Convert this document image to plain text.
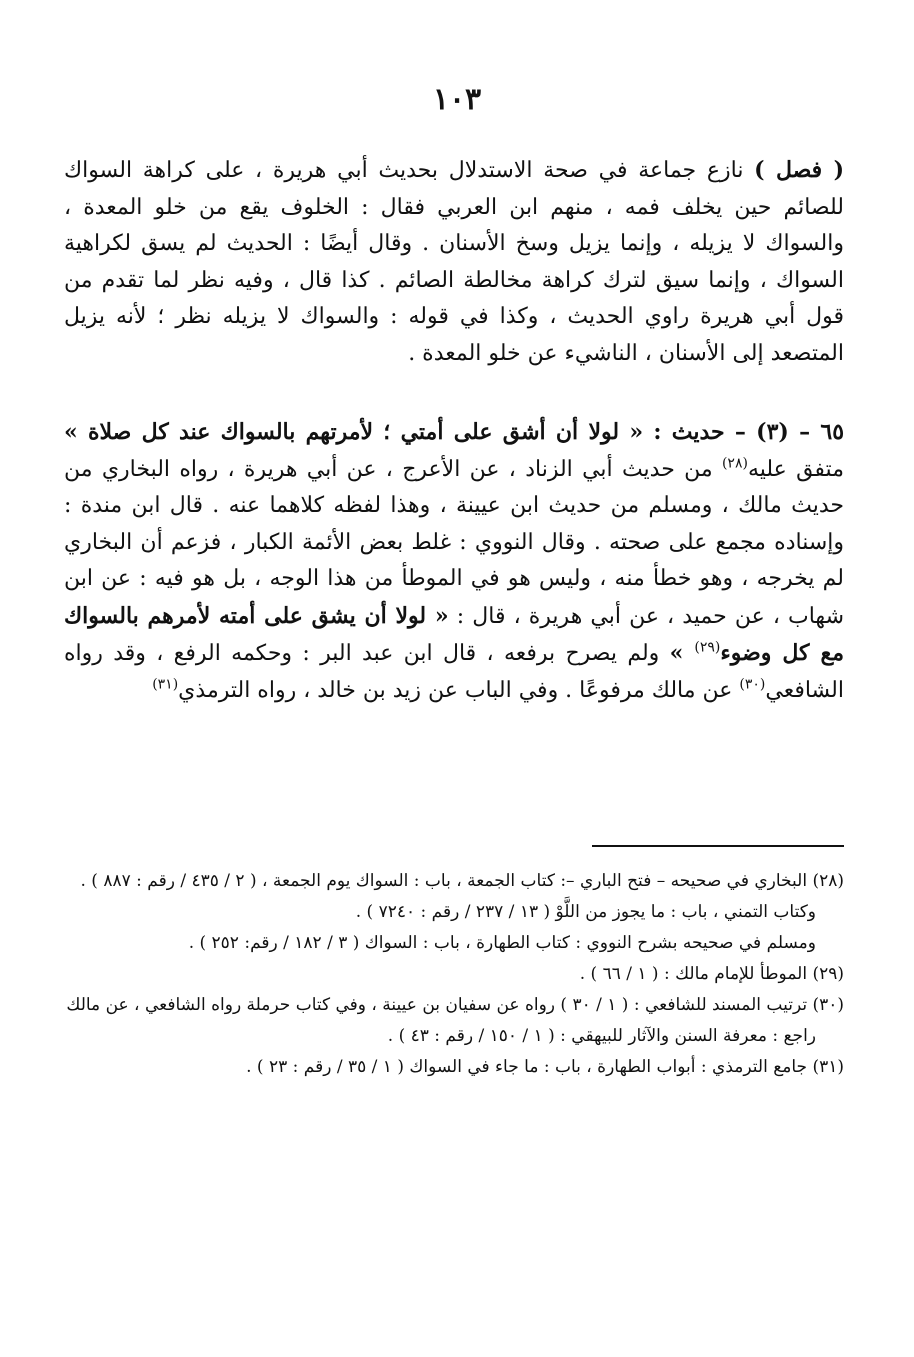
١٠٣

( فصل ) نازع جماعة في صحة الاستدلال بحديث أبي هريرة ، على كراهة السواك للصائم حين يخلف فمه ، منهم ابن العربي فقال : الخلوف يقع من خلو المعدة ، والسواك لا يزيله ، وإنما يزيل وسخ الأسنان . وقال أيضًا : الحديث لم يسق لكراهية السواك ، وإنما سيق لترك كراهة مخالطة الصائم . كذا قال ، وفيه نظر لما تقدم من قول أبي هريرة راوي الحديث ، وكذا في قوله : والسواك لا يزيله نظر ؛ لأنه يزيل المتصعد إلى الأسنان ، الناشيء عن خلو المعدة .

٦٥ – (٣) – حديث : « لولا أن أشق على أمتي ؛ لأمرتهم بالسواك عند كل صلاة » متفق عليه$^{(٢٨)}$ من حديث أبي الزناد ، عن الأعرج ، عن أبي هريرة ، رواه البخاري من حديث مالك ، ومسلم من حديث ابن عيينة ، وهذا لفظه كلاهما عنه . قال ابن مندة : وإسناده مجمع على صحته . وقال النووي : غلط بعض الأئمة الكبار ، فزعم أن البخاري لم يخرجه ، وهو خطأ منه ، وليس هو في الموطأ من هذا الوجه ، بل هو فيه : عن ابن شهاب ، عن حميد ، عن أبي هريرة ، قال : « لولا أن يشق على أمته لأمرهم بالسواك مع كل وضوء$^{(٢٩)}$ » ولم يصرح برفعه ، قال ابن عبد البر : وحكمه الرفع ، وقد رواه الشافعي$^{(٣٠)}$ عن مالك مرفوعًا . وفي الباب عن زيد بن خالد ، رواه الترمذي$^{(٣١)}$

(٢٨) البخاري في صحيحه – فتح الباري –: كتاب الجمعة ، باب : السواك يوم الجمعة ، ( ٢ / ٤٣٥ / رقم : ٨٨٧ ) .

وكتاب التمني ، باب : ما يجوز من اللَّوْ ( ١٣ / ٢٣٧ / رقم : ٧٢٤٠ ) .

ومسلم في صحيحه بشرح النووي : كتاب الطهارة ، باب : السواك ( ٣ / ١٨٢ / رقم: ٢٥٢ ) .

(٢٩) الموطأ للإمام مالك : ( ١ / ٦٦ ) .

(٣٠) ترتيب المسند للشافعي : ( ١ / ٣٠ ) رواه عن سفيان بن عيينة ، وفي كتاب حرملة رواه الشافعي ، عن مالك

راجع : معرفة السنن والآثار للبيهقي : ( ١ / ١٥٠ / رقم : ٤٣ ) .

(٣١) جامع الترمذي : أبواب الطهارة ، باب : ما جاء في السواك ( ١ / ٣٥ / رقم : ٢٣ ) .
